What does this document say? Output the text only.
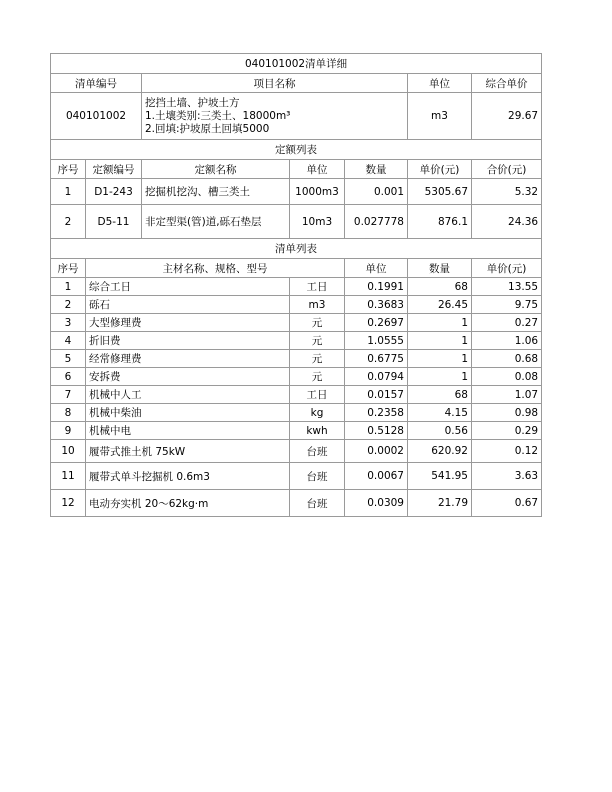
040101002清单详细							
清单编号		项目名称			单位	综合单价	
040101002		挖挡土墙、护坡土方
1.土壤类别:三类土、18000m³
2.回填:护坡原土回填5000			m3	29.67	
定额列表							
序号	定额编号	定额名称	单位	数量	单价(元)	合价(元)	
1	D1-243	挖掘机挖沟、槽三类土	1000m3	0.001	5305.67	5.32	
2	D5-11	非定型渠(管)道,砾石垫层	10m3	0.027778	876.1	24.36	
清单列表							
序号	主材名称、规格、型号			单位	数量	单价(元)	
1	综合工日		工日	0.1991	68	13.55	
2	砾石		m3	0.3683	26.45	9.75	
3	大型修理费		元	0.2697	1	0.27	
4	折旧费		元	1.0555	1	1.06	
5	经常修理费		元	0.6775	1	0.68	
6	安拆费		元	0.0794	1	0.08	
7	机械中人工		工日	0.0157	68	1.07	
8	机械中柴油		kg	0.2358	4.15	0.98	
9	机械中电		kwh	0.5128	0.56	0.29	
10	履带式推土机 75kW		台班	0.0002	620.92	0.12	
11	履带式单斗挖掘机 0.6m3		台班	0.0067	541.95	3.63	
12	电动夯实机 20～62kg·m		台班	0.0309	21.79	0.67	
